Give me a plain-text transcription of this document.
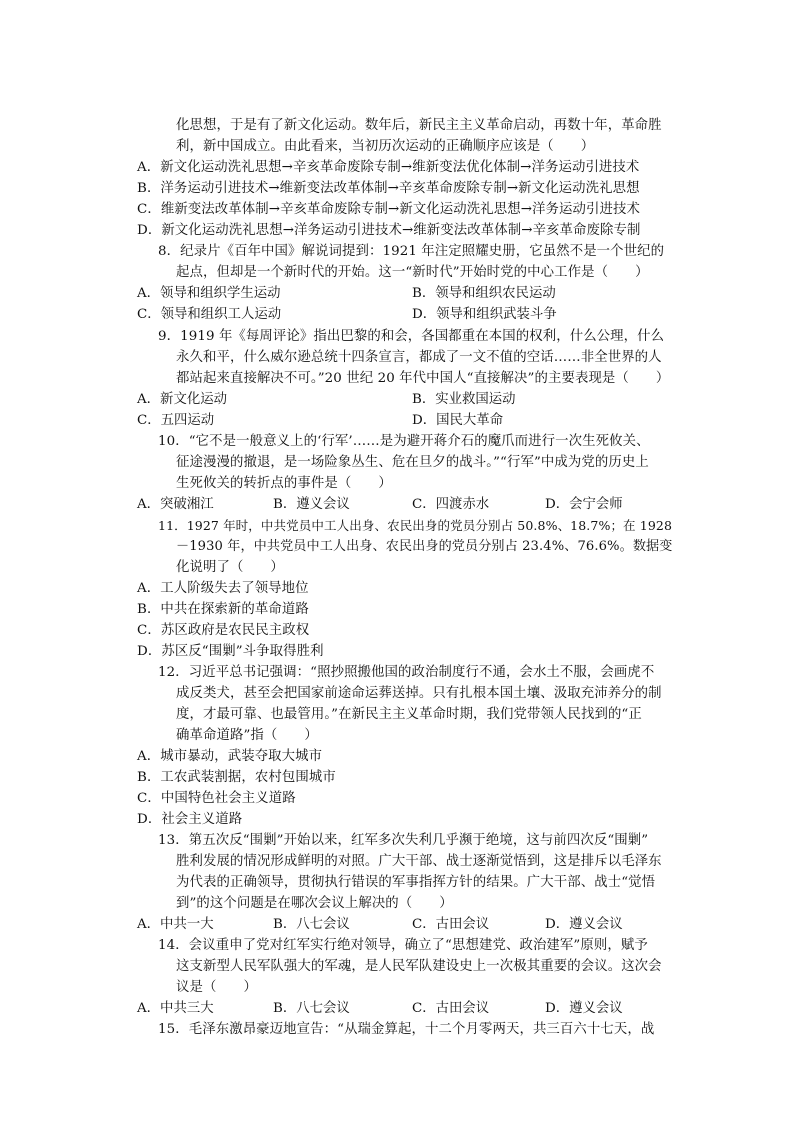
化思想，于是有了新文化运动。数年后，新民主主义革命启动，再数十年，革命胜
利，新中国成立。由此看来，当初历次运动的正确顺序应该是（　　）
A．新文化运动洗礼思想→辛亥革命废除专制→维新变法优化体制→洋务运动引进技术
B．洋务运动引进技术→维新变法改革体制→辛亥革命废除专制→新文化运动洗礼思想
C．维新变法改革体制→辛亥革命废除专制→新文化运动洗礼思想→洋务运动引进技术
D．新文化运动洗礼思想→洋务运动引进技术→维新变法改革体制→辛亥革命废除专制
8．纪录片《百年中国》解说词提到：1921 年注定照耀史册，它虽然不是一个世纪的
起点，但却是一个新时代的开始。这一“新时代”开始时党的中心工作是（　　）
A．领导和组织学生运动	B．领导和组织农民运动
C．领导和组织工人运动	D．领导和组织武装斗争
9．1919 年《每周评论》指出巴黎的和会，各国都重在本国的权利，什么公理，什么
永久和平，什么威尔逊总统十四条宣言，都成了一文不值的空话……非全世界的人
都站起来直接解决不可。”20 世纪 20 年代中国人“直接解决”的主要表现是（　　）
A．新文化运动	B．实业救国运动
C．五四运动	D．国民大革命
10．“它不是一般意义上的‘行军’……是为避开蒋介石的魔爪而进行一次生死攸关、
征途漫漫的撤退，是一场险象丛生、危在旦夕的战斗。”“行军”中成为党的历史上
生死攸关的转折点的事件是（　　）
A．突破湘江	B．遵义会议	C．四渡赤水	D．会宁会师
11．1927 年时，中共党员中工人出身、农民出身的党员分别占 50.8%、18.7%；在 1928
－1930 年，中共党员中工人出身、农民出身的党员分别占 23.4%、76.6%。数据变
化说明了（　　）
A．工人阶级失去了领导地位
B．中共在探索新的革命道路
C．苏区政府是农民民主政权
D．苏区反“围剿”斗争取得胜利
12．习近平总书记强调：“照抄照搬他国的政治制度行不通，会水土不服，会画虎不
成反类犬，甚至会把国家前途命运葬送掉。只有扎根本国土壤、汲取充沛养分的制
度，才最可靠、也最管用。”在新民主主义革命时期，我们党带领人民找到的“正
确革命道路”指（　　）
A．城市暴动，武装夺取大城市
B．工农武装割据，农村包围城市
C．中国特色社会主义道路
D．社会主义道路
13．第五次反“围剿”开始以来，红军多次失利几乎濒于绝境，这与前四次反“围剿”
胜利发展的情况形成鲜明的对照。广大干部、战士逐渐觉悟到，这是排斥以毛泽东
为代表的正确领导，贯彻执行错误的军事指挥方针的结果。广大干部、战士“觉悟
到”的这个问题是在哪次会议上解决的（　　）
A．中共一大	B．八七会议	C．古田会议	D．遵义会议
14．会议重申了党对红军实行绝对领导，确立了“思想建党、政治建军”原则，赋予
这支新型人民军队强大的军魂，是人民军队建设史上一次极其重要的会议。这次会
议是（　　）
A．中共三大	B．八七会议	C．古田会议	D．遵义会议
15．毛泽东激昂豪迈地宣告：“从瑞金算起，十二个月零两天，共三百六十七天，战
